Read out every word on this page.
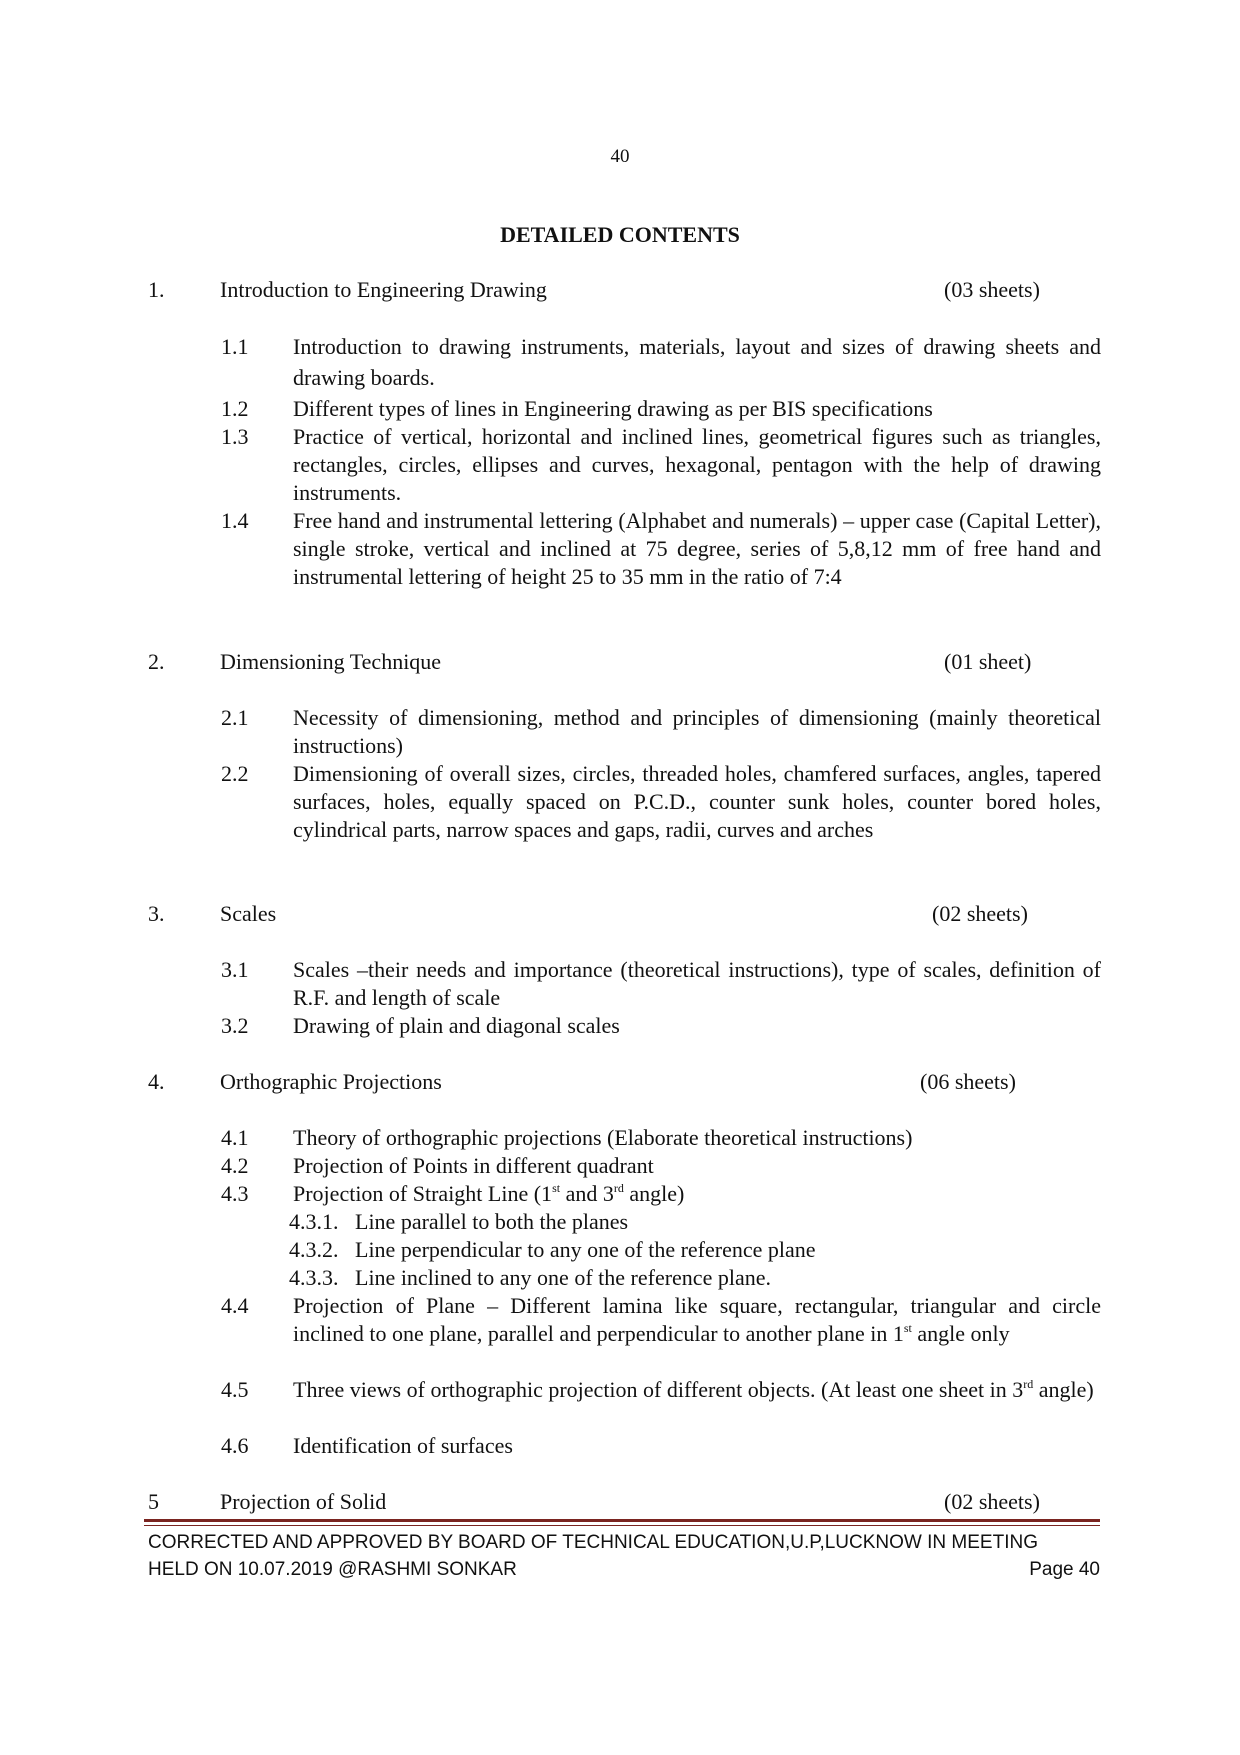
40
DETAILED CONTENTS
1.	Introduction to Engineering Drawing	(03 sheets)
1.1 Introduction to drawing instruments, materials, layout and sizes of drawing sheets and drawing boards.
1.2 Different types of lines in Engineering drawing as per BIS specifications
1.3 Practice of vertical, horizontal and inclined lines, geometrical figures such as triangles, rectangles, circles, ellipses and curves, hexagonal, pentagon with the help of drawing instruments.
1.4 Free hand and instrumental lettering (Alphabet and numerals) – upper case (Capital Letter), single stroke, vertical and inclined at 75 degree, series of 5,8,12 mm of free hand and instrumental lettering of height 25 to 35 mm in the ratio of 7:4
2.	Dimensioning Technique	(01 sheet)
2.1 Necessity of dimensioning, method and principles of dimensioning (mainly theoretical instructions)
2.2 Dimensioning of overall sizes, circles, threaded holes, chamfered surfaces, angles, tapered surfaces, holes, equally spaced on P.C.D., counter sunk holes, counter bored holes, cylindrical parts, narrow spaces and gaps, radii, curves and arches
3.	Scales	(02 sheets)
3.1 Scales –their needs and importance (theoretical instructions), type of scales, definition of R.F. and length of scale
3.2 Drawing of plain and diagonal scales
4.	Orthographic Projections	(06 sheets)
4.1 Theory of orthographic projections (Elaborate theoretical instructions)
4.2 Projection of Points in different quadrant
4.3 Projection of Straight Line (1st and 3rd angle)
4.3.1. Line parallel to both the planes
4.3.2. Line perpendicular to any one of the reference plane
4.3.3. Line inclined to any one of the reference plane.
4.4 Projection of Plane – Different lamina like square, rectangular, triangular and circle inclined to one plane, parallel and perpendicular to another plane in 1st angle only
4.5 Three views of orthographic projection of different objects. (At least one sheet in 3rd angle)
4.6 Identification of surfaces
5	Projection of Solid	(02 sheets)
CORRECTED AND APPROVED BY BOARD OF TECHNICAL EDUCATION,U.P,LUCKNOW IN MEETING
HELD ON 10.07.2019 @RASHMI SONKAR	Page 40
